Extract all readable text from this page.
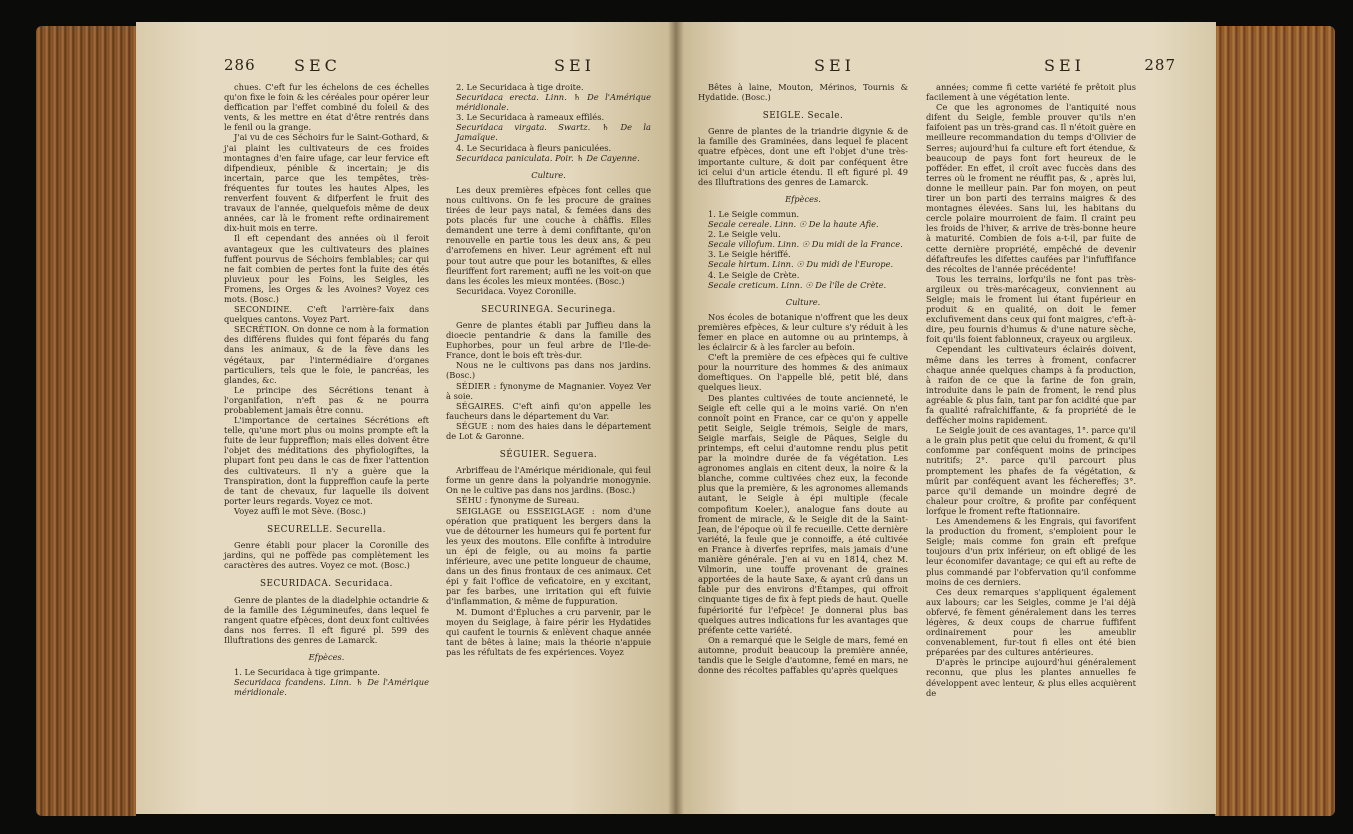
286 SEC	SEI

chues. C'eft fur les échelons de ces échelles qu'on fixe le foin & les céréales pour opérer leur deffication par l'effet combiné du foleil & des vents, & les mettre en état d'être rentrés dans le fenil ou la grange.

J'ai vu de ces Séchoirs fur le Saint-Gothard, & j'ai plaint les cultivateurs de ces froides montagnes d'en faire ufage, car leur fervice eft difpendieux, pénible & incertain; je dis incertain, parce que les tempêtes, très-fréquentes fur toutes les hautes Alpes, les renverfent fouvent & difperfent le fruit des travaux de l'année, quelquefois même de deux années, car là le froment refte ordinairement dix-huit mois en terre.

Il eft cependant des années où il feroit avantageux que les cultivateurs des plaines fuffent pourvus de Séchoirs femblables; car qui ne fait combien de pertes font la fuite des étés pluvieux pour les Foins, les Seigles, les Fromens, les Orges & les Avoines? Voyez ces mots. (Bosc.)

SECONDINE. C'eft l'arrière-faix dans quelques cantons. Voyez Part.

SECRÉTION. On donne ce nom à la formation des différens fluides qui font féparés du fang dans les animaux, & de la fève dans les végétaux, par l'intermédiaire d'organes particuliers, tels que le foie, le pancréas, les glandes, &c.

Le principe des Sécrétions tenant à l'organifation, n'eft pas & ne pourra probablement jamais être connu.

L'importance de certaines Sécrétions eft telle, qu'une mort plus ou moins prompte eft la fuite de leur fuppreffion; mais elles doivent être l'objet des méditations des phyfiologiftes, la plupart font peu dans le cas de fixer l'attention des cultivateurs. Il n'y a guère que la Transpiration, dont la fuppreffion caufe la perte de tant de chevaux, fur laquelle ils doivent porter leurs regards. Voyez ce mot.

Voyez auffi le mot Sève. (Bosc.)

SECURELLE. Securella.

Genre établi pour placer la Coronille des jardins, qui ne poffède pas complètement les caractères des autres. Voyez ce mot. (Bosc.)

SECURIDACA. Securidaca.

Genre de plantes de la diadelphie octandrie & de la famille des Légumineufes, dans lequel fe rangent quatre efpèces, dont deux font cultivées dans nos ferres. Il eft figuré pl. 599 des Illuftrations des genres de Lamarck.

Efpèces.

1. Le Securidaca à tige grimpante.

Securidaca fcandens. Linn. ♄ De l'Amérique méridionale.

2. Le Securidaca à tige droite.

Securidaca erecta. Linn. ♄ De l'Amérique méridionale.

3. Le Securidaca à rameaux effilés.

Securidaca virgata. Swartz. ♄ De la Jamaïque.

4. Le Securidaca à fleurs paniculées.

Securidaca paniculata. Poir. ♄ De Cayenne.

Culture.

Les deux premières efpèces font celles que nous cultivons. On fe les procure de graines tirées de leur pays natal, & femées dans des pots placés fur une couche à châffis. Elles demandent une terre à demi confiftante, qu'on renouvelle en partie tous les deux ans, & peu d'arrofemens en hiver. Leur agrément eft nul pour tout autre que pour les botaniftes, & elles fleuriffent fort rarement; auffi ne les voit-on que dans les écoles les mieux montées. (Bosc.)

Securidaca. Voyez Coronille.

SECURINEGA. Securinega.

Genre de plantes établi par Juffieu dans la dioecie pentandrie & dans la famille des Euphorbes, pour un feul arbre de l'Ile-de-France, dont le bois eft très-dur.

Nous ne le cultivons pas dans nos jardins. (Bosc.)

SÉDIER : fynonyme de Magnanier. Voyez Ver à soie.

SÉGAIRES. C'eft ainfi qu'on appelle les faucheurs dans le département du Var.

SÉGUE : nom des haies dans le département de Lot & Garonne.

SÉGUIER. Seguera.

Arbriffeau de l'Amérique méridionale, qui feul forme un genre dans la polyandrie monogynie. On ne le cultive pas dans nos jardins. (Bosc.)

SÉHU : fynonyme de Sureau.

SEIGLAGE ou ESSEIGLAGE : nom d'une opération que pratiquent les bergers dans la vue de détourner les humeurs qui fe portent fur les yeux des moutons. Elle confifte à introduire un épi de feigle, ou au moins fa partie inférieure, avec une petite longueur de chaume, dans un des finus frontaux de ces animaux. Cet épi y fait l'office de veficatoire, en y excitant, par fes barbes, une irritation qui eft fuivie d'inflammation, & même de fuppuration.

M. Dumont d'Épluches a cru parvenir, par le moyen du Seiglage, à faire périr les Hydatides qui caufent le tournis & enlèvent chaque année tant de bêtes à laine; mais la théorie n'appuie pas les réfultats de fes expériences. Voyez

SEI	SEI	287

Bêtes à laine, Mouton, Mérinos, Tournis & Hydatide. (Bosc.)

SEIGLE. Secale.

Genre de plantes de la triandrie digynie & de la famille des Graminées, dans lequel fe placent quatre efpèces, dont une eft l'objet d'une très-importante culture, & doit par conféquent être ici celui d'un article étendu. Il eft figuré pl. 49 des Illuftrations des genres de Lamarck.

Efpèces.

1. Le Seigle commun.

Secale cereale. Linn. ☉ De la haute Afie.

2. Le Seigle velu.

Secale villofum. Linn. ☉ Du midi de la France.

3. Le Seigle hériffé.

Secale hirtum. Linn. ☉ Du midi de l'Europe.

4. Le Seigle de Crète.

Secale creticum. Linn. ☉ De l'île de Crète.

Culture.

Nos écoles de botanique n'offrent que les deux premières efpèces, & leur culture s'y réduit à les femer en place en automne ou au printemps, à les éclaircir & à les farcler au befoin.

C'eft la première de ces efpèces qui fe cultive pour la nourriture des hommes & des animaux domeftiques. On l'appelle blé, petit blé, dans quelques lieux.

Des plantes cultivées de toute ancienneté, le Seigle eft celle qui a le moins varié. On n'en connoît point en France, car ce qu'on y appelle petit Seigle, Seigle trémois, Seigle de mars, Seigle marfais, Seigle de Pâques, Seigle du printemps, eft celui d'automne rendu plus petit par la moindre durée de fa végétation. Les agronomes anglais en citent deux, la noire & la blanche, comme cultivées chez eux, la feconde plus que la première, & les agronomes allemands autant, le Seigle à épi multiple (fecale compofitum Koeler.), analogue fans doute au froment de miracle, & le Seigle dit de la Saint-Jean, de l'époque où il fe recueille. Cette dernière variété, la feule que je connoiffe, a été cultivée en France à diverfes reprifes, mais jamais d'une manière générale. J'en ai vu en 1814, chez M. Vilmorin, une touffe provenant de graines apportées de la haute Saxe, & ayant crû dans un fable pur des environs d'Étampes, qui offroit cinquante tiges de fix à fept pieds de haut. Quelle fupériorité fur l'efpèce! Je donnerai plus bas quelques autres indications fur les avantages que préfente cette variété.

On a remarqué que le Seigle de mars, femé en automne, produit beaucoup la première année, tandis que le Seigle d'automne, femé en mars, ne donne des récoltes paffables qu'après quelques

années; comme fi cette variété fe prêtoit plus facilement à une végétation lente.

Ce que les agronomes de l'antiquité nous difent du Seigle, femble prouver qu'ils n'en faifoient pas un très-grand cas. Il n'étoit guère en meilleure recommandation du temps d'Olivier de Serres; aujourd'hui fa culture eft fort étendue, & beaucoup de pays font fort heureux de le pofféder. En effet, il croît avec fuccès dans des terres où le froment ne réuffit pas, & , après lui, donne le meilleur pain. Par fon moyen, on peut tirer un bon parti des terrains maigres & des montagnes élevées. Sans lui, les habitans du cercle polaire mourroient de faim. Il craint peu les froids de l'hiver, & arrive de très-bonne heure à maturité. Combien de fois a-t-il, par fuite de cette dernière propriété, empêché de devenir défaftreufes les difettes caufées par l'infuffifance des récoltes de l'année précédente!

Tous les terrains, lorfqu'ils ne font pas très-argileux ou très-marécageux, conviennent au Seigle; mais le froment lui étant fupérieur en produit & en qualité, on doit le femer exclufivement dans ceux qui font maigres, c'eft-à-dire, peu fournis d'humus & d'une nature sèche, foit qu'ils foient fablonneux, crayeux ou argileux.

Cependant les cultivateurs éclairés doivent, même dans les terres à froment, confacrer chaque année quelques champs à fa production, à raifon de ce que la farine de fon grain, introduite dans le pain de froment, le rend plus agréable & plus fain, tant par fon acidité que par fa qualité rafraîchiffante, & fa propriété de le deffécher moins rapidement.

Le Seigle jouit de ces avantages, 1°. parce qu'il a le grain plus petit que celui du froment, & qu'il confomme par conféquent moins de principes nutritifs; 2°. parce qu'il parcourt plus promptement les phafes de fa végétation, & mûrit par conféquent avant les féchereffes; 3°. parce qu'il demande un moindre degré de chaleur pour croître, & profite par conféquent lorfque le froment refte ftationnaire.

Les Amendemens & les Engrais, qui favorifent la production du froment, s'emploient pour le Seigle; mais comme fon grain eft prefque toujours d'un prix inférieur, on eft obligé de les leur économifer davantage; ce qui eft au refte de plus commandé par l'obfervation qu'il confomme moins de ces derniers.

Ces deux remarques s'appliquent également aux labours; car les Seigles, comme je l'ai déjà obfervé, fe fèment généralement dans les terres légères, & deux coups de charrue fuffifent ordinairement pour les ameublir convenablement, fur-tout fi elles ont été bien préparées par des cultures antérieures.

D'après le principe aujourd'hui généralement reconnu, que plus les plantes annuelles fe développent avec lenteur, & plus elles acquièrent de
